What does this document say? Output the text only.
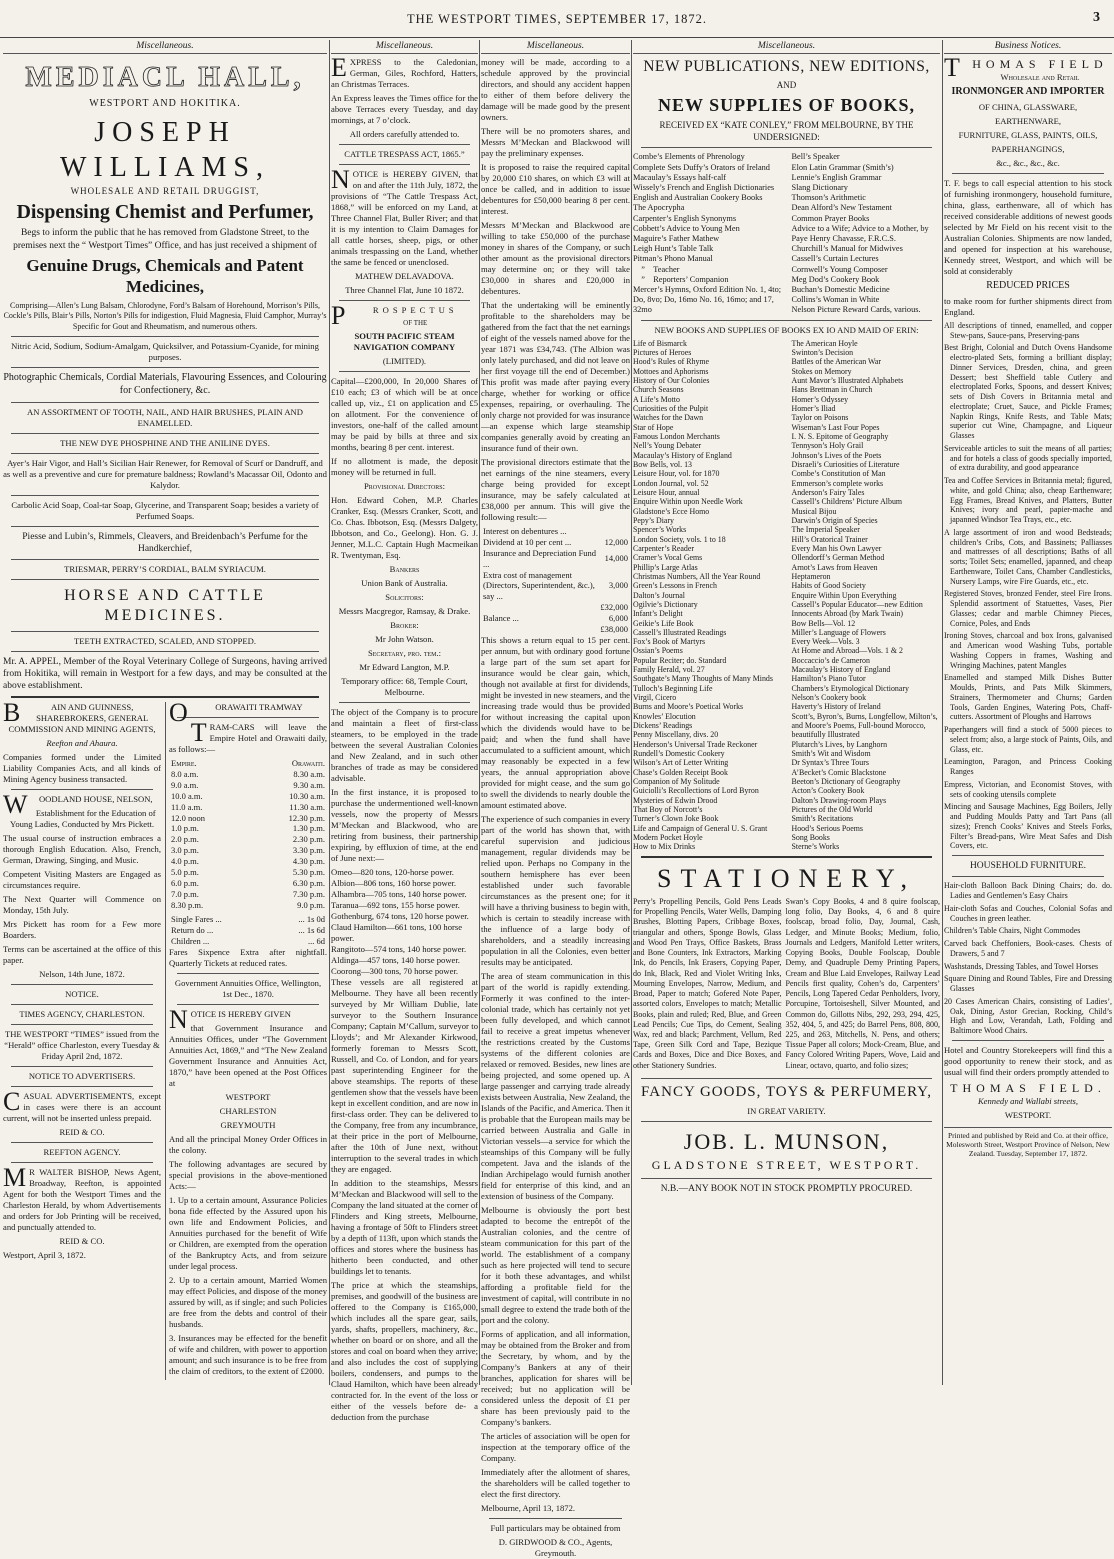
THE WESTPORT TIMES, SEPTEMBER 17, 1872.	3
Miscellaneous.
MEDIACL HALL,
WESTPORT AND HOKITIKA.
JOSEPH WILLIAMS,
WHOLESALE AND RETAIL DRUGGIST,
Dispensing Chemist and Perfumer,

Begs to inform the public that he has removed from Gladstone Street, to the premises next the “ Westport Times” Office, and has just received a shipment of

Genuine Drugs, Chemicals and Patent Medicines,

Comprising—Allen’s Lung Balsam, Chlorodyne, Ford’s Balsam of Horehound, Morrison’s Pills, Cockle’s Pills, Blair’s Pills, Norton’s Pills for indigestion, Fluid Magnesia, Fluid Camphor, Murray’s Specific for Gout and Rheumatism, and numerous others.

Nitric Acid, Sodium, Sodium-Amalgam, Quicksilver, and Potassium-Cyanide, for mining purposes.

Photographic Chemicals, Cordial Materials, Flavouring Essences, and Colouring for Confectionery, &c.

AN ASSORTMENT OF TOOTH, NAIL, AND HAIR BRUSHES, PLAIN AND ENAMELLED.

THE NEW DYE PHOSPHINE AND THE ANILINE DYES.

Ayer’s Hair Vigor, and Hall’s Sicilian Hair Renewer, for Removal of Scurf or Dandruff, and as well as a preventive and cure for premature baldness; Rowland’s Macassar Oil, Odonto and Kalydor.

Carbolic Acid Soap, Coal-tar Soap, Glycerine, and Transparent Soap; besides a variety of Perfumed Soaps.

Piesse and Lubin’s, Rimmels, Cleavers, and Breidenbach’s Perfume for the Handkerchief,

TRIESMAR, PERRY’S CORDIAL, BALM SYRIACUM.

HORSE AND CATTLE MEDICINES.

TEETH EXTRACTED, SCALED, AND STOPPED.

Mr. A. APPEL, Member of the Royal Veterinary College of Surgeons, having arrived from Hokitika, will remain in Westport for a few days, and may be consulted at the above establishment.

B	AIN AND GUINNESS, SHAREBROKERS, GENERAL COMMISSION AND MINING AGENTS,

Reefton and Ahaura.

Companies formed under the Limited Liability Companies Acts, and all kinds of Mining Agency business transacted.

W OODLAND HOUSE, NELSON,

Establishment for the Education of Young Ladies, Conducted by Mrs Pickett.

The usual course of instruction embraces a thorough English Education. Also, French, German, Drawing, Singing, and Music.

Competent Visiting Masters are Engaged as circumstances require.

The Next Quarter will Commence on Monday, 15th July.

Mrs Pickett has room for a Few more Boarders.

Terms can be ascertained at the office of this paper.

Nelson, 14th June, 1872.

NOTICE.

TIMES AGENCY, CHARLESTON.

THE WESTPORT “TIMES” issued from the “Herald” office Charleston, every Tuesday & Friday April 2nd, 1872.

NOTICE TO ADVERTISERS.

CASUAL ADVERTISEMENTS, except in cases were there is an account current, will not be inserted unless prepaid.

REID & CO.

REEFTON AGENCY.

M R WALTER BISHOP, News Agent, Broadway, Reefton, is appointed Agent for both the Westport Times and the Charleston Herald, by whom Advertisements and orders for Job Printing will be received, and punctually attended to.

REID & CO.

Westport, April 3, 1872.

O	ORAWAITI TRAMWAY

TRAM-CARS will leave the Empire Hotel and Orawaiti daily, as follows:—

Empire.	Orawaiti.
8.0 a.m.	8.30 a.m.
9.0 a.m.	9.30 a.m.
10.0 a.m.	10.30 a.m.
11.0 a.m.	11.30 a.m.
12.0 noon	12.30 p.m.
1.0 p.m.	1.30 p.m.
2.0 p.m.	2.30 p.m.
3.0 p.m.	3.30 p.m.
4.0 p.m.	4.30 p.m.
5.0 p.m.	5.30 p.m.
6.0 p.m.	6.30 p.m.
7.0 p.m.	7.30 p.m.
8.30 p.m.	9.0 p.m.
Single Fares ...	... 1s 0d
Return do ...	... 1s 6d
Children ...	... 6d

Fares Sixpence Extra after nightfall. Quarterly Tickets at reduced rates.

Government Annuities Office, Wellington, 1st Dec., 1870.

NOTICE IS HEREBY GIVEN

that Government Insurance and Annuities Offices, under “The Government Annuities Act, 1869,” and “The New Zealand Government Insurance and Annuities Act, 1870,” have been opened at the Post Offices at

WESTPORT

CHARLESTON

GREYMOUTH

And all the principal Money Order Offices in the colony.

The following advantages are secured by special provisions in the above-mentioned Acts:—

1. Up to a certain amount, Assurance Policies bona fide effected by the Assured upon his own life and Endowment Policies, and Annuities purchased for the benefit of Wife or Children, are exempted from the operation of the Bankruptcy Acts, and from seizure under legal process.

2. Up to a certain amount, Married Women may effect Policies, and dispose of the money assured by will, as if single; and such Policies are free from the debts and control of their husbands.

3. Insurances may be effected for the benefit of wife and children, with power to apportion amount; and such insurance is to be free from the claim of creditors, to the extent of £2000.

Miscellaneous.

EXPRESS to the Caledonian, German, Giles, Rochford, Hatters, an Christmas Terraces.

An Express leaves the Times office for the above Terraces every Tuesday, and day mornings, at 7 o’clock.

All orders carefully attended to.

CATTLE TRESPASS ACT, 1865.”

NOTICE is HEREBY GIVEN, that on and after the 11th July, 1872, the provisions of “The Cattle Trespass Act, 1868,” will be enforced on my Land, at Three Channel Flat, Buller River; and that it is my intention to Claim Damages for all cattle horses, sheep, pigs, or other animals trespassing on the Land, whether the same be fenced or unenclosed.

MATHEW DELAVADOVA.

Three Channel Flat, June 10 1872.

P	ROSPECTUS

OF THE

SOUTH PACIFIC STEAM NAVIGATION COMPANY

(LIMITED).

Capital—£200,000, In 20,000 Shares of £10 each; £3 of which will be at once called up, viz., £1 on application and £5 on allotment. For the convenience of investors, one-half of the called amount may be paid by bills at three and six months, bearing 8 per cent. interest.

If no allotment is made, the deposit money will be returned in full.

Provisional Directors:

Hon. Edward Cohen, M.P. Charles Cranker, Esq. (Messrs Cranker, Scott, and Co. Chas. Ibbotson, Esq. (Messrs Dalgety, Ibbotson, and Co., Geelong). Hon. G. J. Jenner, M.L.C. Captain Hugh Macmeikan R. Twentyman, Esq.

Bankers

Union Bank of Australia.

Solicitors:

Messrs Macgregor, Ramsay, & Drake.

Broker:

Mr John Watson.

Secretary, pro. tem.:

Mr Edward Langton, M.P.

Temporary office: 68, Temple Court, Melbourne.

The object of the Company is to procure and maintain a fleet of first-class steamers, to be employed in the trade between the several Australian Colonies and New Zealand, and in such other branches of trade as may be considered advisable.

In the first instance, it is proposed to purchase the undermentioned well-known vessels, now the property of Messrs M’Meckan and Blackwood, who are retiring from business, their partnership expiring, by effluxion of time, at the end of June next:—

Omeo—820 tons, 120-horse power.
Albion—806 tons, 160 horse power.
Alhambra—705 tons, 140 horse power.
Taranua—692 tons, 155 horse power.
Gothenburg, 674 tons, 120 horse power.
Claud Hamilton—661 tons, 100 horse power.
Rangitoto—574 tons, 140 horse power.
Aldinga—457 tons, 140 horse power.
Coorong—300 tons, 70 horse power.

These vessels are all registered at Melbourne. They have all been recently surveyed by Mr William Dublie, late surveyor to the Southern Insurance Company; Captain M’Callum, surveyor to Lloyds’; and Mr Alexander Kirkwood, formerly foreman to Messrs Scott, Russell, and Co. of London, and for years past superintending Engineer for the above steamships. The reports of these gentlemen show that the vessels have been kept in excellent condition, and are now in first-class order. They can be delivered to the Company, free from any incumbrance, at their price in the port of Melbourne, after the 10th of June next, without interruption to the several trades in which they are engaged.

In addition to the steamships, Messrs M’Meckan and Blackwood will sell to the Company the land situated at the corner of Flinders and King streets, Melbourne, having a frontage of 50ft to Flinders street by a depth of 113ft, upon which stands the offices and stores where the business has hitherto been conducted, and other buildings let to tenants.

The price at which the steamships, premises, and goodwill of the business are offered to the Company is £165,000, which includes all the spare gear, sails, yards, shafts, propellers, machinery, &c., whether on board or on shore, and all the stores and coal on board when they arrive; and also includes the cost of supplying boilers, condensers, and pumps to the Claud Hamilton, which have been already contracted for. In the event of the loss or either of the vessels before de- a deduction from the purchase

Miscellaneous.

money will be made, according to a schedule approved by the provincial directors, and should any accident happen to either of them before delivery the damage will be made good by the present owners.

There will be no promoters shares, and Messrs M’Meckan and Blackwood will pay the preliminary expenses.

It is proposed to raise the required capital by 20,000 £10 shares, on which £3 will at once be called, and in addition to issue debentures for £50,000 bearing 8 per cent. interest.

Messrs M’Meckan and Blackwood are willing to take £50,000 of the purchase money in shares of the Company, or such other amount as the provisional directors may determine on; or they will take £30,000 in shares and £20,000 in debentures.

That the undertaking will be eminently profitable to the shareholders may be gathered from the fact that the net earnings of eight of the vessels named above for the year 1871 was £34,743. (The Albion was only lately purchased, and did not leave on her first voyage till the end of December.) This profit was made after paying every charge, whether for working or office expenses, repairing, or overhauling. The only charge not provided for was insurance—an expense which large steamship companies generally avoid by creating an insurance fund of their own.

The provisional directors estimate that the net earnings of the nine steamers, every charge being provided for except insurance, may be safely calculated at £38,000 per annum. This will give the following result:—

Interest on debentures ...	
Dividend at 10 per cent ...	12,000
Insurance and Depreciation Fund ...	14,000
Extra cost of management (Directors, Superintendent, &c.), say ...	3,000
	£32,000
Balance ...	6,000
	£38,000

This shows a return equal to 15 per cent. per annum, but with ordinary good fortune a large part of the sum set apart for insurance would be clear gain, which, though not available at first for dividends, might be invested in new steamers, and the increasing trade would thus be provided for without increasing the capital upon which the dividends would have to be paid; and when the fund shall have accumulated to a sufficient amount, which may reasonably be expected in a few years, the annual appropriation above provided for might cease, and the sum go to swell the dividends to nearly double the amount estimated above.

The experience of such companies in every part of the world has shown that, with careful supervision and judicious management, regular dividends may be relied upon. Perhaps no Company in the southern hemisphere has ever been established under such favorable circumstances as the present one; for it will have a thriving business to begin with, which is certain to steadily increase with the influence of a large body of shareholders, and a steadily increasing population in all the Colonies, even better results may be anticipated.

The area of steam communication in this part of the world is rapidly extending. Formerly it was confined to the inter-colonial trade, which has certainly not yet been fully developed, and which cannot fail to receive a great impetus whenever the restrictions created by the Customs systems of the different colonies are relaxed or removed. Besides, new lines are being projected, and some opened up. A large passenger and carrying trade already exists between Australia, New Zealand, the Islands of the Pacific, and America. Then it is probable that the European mails may be carried between Australia and Galle in Victorian vessels—a service for which the steamships of this Company will be fully competent. Java and the islands of the Indian Archipelago would furnish another field for enterprise of this kind, and an extension of business of the Company.

Melbourne is obviously the port best adapted to become the entrepôt of the Australian colonies, and the centre of steam communication for this part of the world. The establishment of a company such as here projected will tend to secure for it both these advantages, and whilst affording a profitable field for the investment of capital, will contribute in no small degree to extend the trade both of the port and the colony.

Forms of application, and all information, may be obtained from the Broker and from the Secretary, by whom, and by the Company’s Bankers at any of their branches, application for shares will be received; but no application will be considered unless the deposit of £1 per share has been previously paid to the Company’s bankers.

The articles of association will be open for inspection at the temporary office of the Company.

Immediately after the allotment of shares, the shareholders will be called together to elect the first directory.

Melbourne, April 13, 1872.

Full particulars may be obtained from

D. GIRDWOOD & CO., Agents, Greymouth.

Miscellaneous.
NEW PUBLICATIONS, NEW EDITIONS,
AND
NEW SUPPLIES OF BOOKS,

RECEIVED EX “KATE CONLEY,” FROM MELBOURNE, BY THE UNDERSIGNED:

Combe’s Elements of Phrenology
Complete Sets Duffy’s Orators of Ireland
Macaulay’s Essays half-calf
Wissely’s French and English Dictionaries
English and Australian Cookery Books
The Apocrypha
Carpenter’s English Synonyms
Cobbett’s Advice to Young Men
Maguire’s Father Mathew
Leigh Hunt’s Table Talk
Pitman’s Phono Manual
 ” Teacher
 ” Reporters’ Companion
Mercer’s Hymns, Oxford Edition No. 1, 4to; Do, 8vo; Do, 16mo No. 16, 16mo; and 17, 32mo
Bell’s Speaker
Elon Latin Grammar (Smith’s)
Lennie’s English Grammar
Slang Dictionary
Thomson’s Arithmetic
Dean Alford’s New Testament
Common Prayer Books
Advice to a Wife; Advice to a Mother, by Paye Henry Chavasse, F.R.C.S.
Churchill’s Manual for Midwives
Cassell’s Curtain Lectures
Cornwell’s Young Composer
Meg Dod’s Cookery Book
Buchan’s Domestic Medicine
Collins’s Woman in White
Nelson Picture Reward Cards, various.

NEW BOOKS AND SUPPLIES OF BOOKS EX IO AND MAID OF ERIN:

Life of Bismarck
Pictures of Heroes
Hood’s Rules of Rhyme
Mottoes and Aphorisms
History of Our Colonies
Church Seasons
A Life’s Motto
Curiosities of the Pulpit
Watches for the Dawn
Star of Hope
Famous London Merchants
Nell’s Young Debater
Macaulay’s History of England
Bow Bells, vol. 13
Leisure Hour, vol. for 1870
London Journal, vol. 52
Leisure Hour, annual
Enquire Within upon Needle Work
Gladstone’s Ecce Homo
Pepy’s Diary
Spencer’s Works
London Society, vols. 1 to 18
Carpenter’s Reader
Cramer’s Vocal Gems
Phillip’s Large Atlas
Christmas Numbers, All the Year Round
Green’s Lessons in French
Dalton’s Journal
Ogilvie’s Dictionary
Infant’s Delight
Geikie’s Life Book
Cassell’s Illustrated Readings
Fox’s Book of Martyrs
Ossian’s Poems
Popular Reciter; do. Standard
Family Herald, vol. 27
Southgate’s Many Thoughts of Many Minds
Tulloch’s Beginning Life
Virgil, Cicero
Burns and Moore’s Poetical Works
Knowles’ Elocution
Dickens’ Readings
Penny Miscellany, divs. 20
Henderson’s Universal Trade Reckoner
Rundell’s Domestic Cookery
Wilson’s Art of Letter Writing
Chase’s Golden Receipt Book
Companion of My Solitude
Guiciolli’s Recollections of Lord Byron
Mysteries of Edwin Drood
That Boy of Norcott’s
Turner’s Clown Joke Book
Life and Campaign of General U. S. Grant
Modern Pocket Hoyle
How to Mix Drinks
The American Hoyle
Swinton’s Decision
Battles of the American War
Stokes on Memory
Aunt Mavor’s Illustrated Alphabets
Hans Brettman in Church
Homer’s Odyssey
Homer’s Iliad
Taylor on Poisons
Wiseman’s Last Four Popes
I. N. S. Epitome of Geography
Tennyson’s Holy Grail
Johnson’s Lives of the Poets
Disraeli’s Curiosities of Literature
Combe’s Constitution of Man
Emmerson’s complete works
Anderson’s Fairy Tales
Cassell’s Childrens’ Picture Album
Musical Bijou
Darwin’s Origin of Species
The Imperial Speaker
Hill’s Oratorical Trainer
Every Man his Own Lawyer
Ollendorff’s German Method
Arnot’s Laws from Heaven
Heptameron
Habits of Good Society
Enquire Within Upon Everything
Cassell’s Popular Educator—new Edition
Innocents Abroad (by Mark Twain)
Bow Bells—Vol. 12
Miller’s Language of Flowers
Every Week—Vols. 3
At Home and Abroad—Vols. 1 & 2
Boccaccio’s de Cameron
Macaulay’s History of England
Hamilton’s Piano Tutor
Chambers’s Etymological Dictionary
Nelson’s Cookery book
Haverty’s History of Ireland
Scott’s, Byron’s, Burns, Longfellow, Milton’s, and Moore’s Poems, Full-bound Morocco, beautifully Illustrated
Plutarch’s Lives, by Langhorn
Smith’s Wit and Wisdom
Dr Syntax’s Three Tours
A’Becket’s Comic Blackstone
Beeton’s Dictionary of Geography
Acton’s Cookery Book
Dalton’s Drawing-room Plays
Pictures of the Old World
Smith’s Recitations
Hood’s Serious Poems
Song Books
Sterne’s Works
STATIONERY,

Perry’s Propelling Pencils, Gold Pens Leads for Propelling Pencils, Water Wells, Damping Brushes, Blotting Papers, Cribbage Boxes, triangular and others, Sponge Bowls, Glass and Wood Pen Trays, Office Baskets, Brass and Bone Counters, Ink Extractors, Marking Ink, do Pencils, Ink Erasers, Copying Paper, do Ink, Black, Red and Violet Writing Inks, Mourning Envelopes, Narrow, Medium, and Broad, Paper to match; Gofered Note Paper, assorted colors, Envelopes to match; Metallic Books, plain and ruled; Red, Blue, and Green Lead Pencils; Cue Tips, do Cement, Sealing Wax, red and black; Parchment, Vellum, Red Tape, Green Silk Cord and Tape, Bezique Cards and Boxes, Dice and Dice Boxes, and other Stationery Sundries.

Swan’s Copy Books, 4 and 8 quire foolscap, long folio, Day Books, 4, 6 and 8 quire foolscap, broad folio, Day, Journal, Cash, Ledger, and Minute Books; Medium, folio, Journals and Ledgers, Manifold Letter writers, Copying Books, Double Foolscap, Double Demy, and Quadruple Demy Printing Papers, Cream and Blue Laid Envelopes, Railway Lead Pencils first quality, Cohen’s do, Carpenters’ Pencils, Long Tapered Cedar Penholders, Ivory, Porcupine, Tortoiseshell, Silver Mounted, and Common do, Gillotts Nibs, 292, 293, 294, 425, 352, 404, 5, and 425; do Barrel Pens, 808, 800, 225, and 263, Mitchells, N. Pens, and others; Tissue Paper all colors; Mock-Cream, Blue, and Fancy Colored Writing Papers, Wove, Laid and Linear, octavo, quarto, and folio sizes;

FANCY GOODS, TOYS & PERFUMERY,

IN GREAT VARIETY.

JOB. L. MUNSON,
GLADSTONE STREET, WESTPORT.

N.B.—ANY BOOK NOT IN STOCK PROMPTLY PROCURED.

Business Notices.
THOMAS FIELD

Wholesale and Retail

IRONMONGER AND IMPORTER

OF CHINA, GLASSWARE,

EARTHENWARE,

FURNITURE, GLASS, PAINTS, OILS,

PAPERHANGINGS,

&c., &c., &c., &c.

T. F. begs to call especial attention to his stock of furnishing ironmongery, household furniture, china, glass, earthenware, all of which has received considerable additions of newest goods selected by Mr Field on his recent visit to the Australian Colonies. Shipments are now landed, and opened for inspection at his warehouse, Kennedy street, Westport, and which will be sold at considerably

REDUCED PRICES

to make room for further shipments direct from England.

All descriptions of tinned, enamelled, and copper Stew-pans, Sauce-pans, Preserving-pans

Best Bright, Colonial and Dutch Ovens Handsome electro-plated Sets, forming a brilliant display; Dinner Services, Dresden, china, and green Dessert; best Sheffield table Cutlery and electroplated Forks, Spoons, and dessert Knives; sets of Dish Covers in Britannia metal and electroplate; Cruet, Sauce, and Pickle Frames; Napkin Rings, Knife Rests, and Table Mats; superior cut Wine, Champagne, and Liqueur Glasses

Serviceable articles to suit the means of all parties; and for hotels a class of goods specially imported, of extra durability, and good appearance

Tea and Coffee Services in Britannia metal; figured, white, and gold China; also, cheap Earthenware; Egg Frames, Bread Knives, and Platters, Butter Knives; ivory and pearl, papier-mache and japanned Windsor Tea Trays, etc., etc.

A large assortment of iron and wood Bedsteads; children’s Cribs, Cots, and Bassinets; Palliasses and mattresses of all descriptions; Baths of all sorts; Toilet Sets; enamelled, japanned, and cheap Earthenware, Toilet Cans, Chamber Candlesticks, Nursery Lamps, wire Fire Guards, etc., etc.

Registered Stoves, bronzed Fender, steel Fire Irons. Splendid assortment of Statuettes, Vases, Pier Glasses; cedar and marble Chimney Pieces, Cornice, Poles, and Ends

Ironing Stoves, charcoal and box Irons, galvanised and American wood Washing Tubs, portable Washing Coppers in frames, Washing and Wringing Machines, patent Mangles

Enamelled and stamped Milk Dishes Butter Moulds, Prints, and Pats Milk Skimmers, Strainers, Thermometer and Churns; Garden Tools, Garden Engines, Watering Pots, Chaff-cutters. Assortment of Ploughs and Harrows

Paperhangers will find a stock of 5000 pieces to select from; also, a large stock of Paints, Oils, and Glass, etc.

Leamington, Paragon, and Princess Cooking Ranges

Empress, Victorian, and Economist Stoves, with sets of cooking utensils complete

Mincing and Sausage Machines, Egg Boilers, Jelly and Pudding Moulds Patty and Tart Pans (all sizes); French Cooks’ Knives and Steels Forks, Filter’s Bread-pans, Wire Meat Safes and Dish Covers, etc.

HOUSEHOLD FURNITURE.

Hair-cloth Balloon Back Dining Chairs; do. do. Ladies and Gentlemen’s Easy Chairs

Hair-cloth Sofas and Couches, Colonial Sofas and Couches in green leather.

Children’s Table Chairs, Night Commodes

Carved back Cheffoniers, Book-cases. Chests of Drawers, 5 and 7

Washstands, Dressing Tables, and Towel Horses

Square Dining and Round Tables, Fire and Dressing Glasses

20 Cases American Chairs, consisting of Ladies’, Oak, Dining, Astor Grecian, Rocking, Child’s High and Low, Verandah, Lath, Folding and Baltimore Wood Chairs.

Hotel and Country Storekeepers will find this a good opportunity to renew their stock, and as usual will find their orders promptly attended to

THOMAS FIELD.

Kennedy and Wallabi streets,

WESTPORT.

Printed and published by Reid and Co. at their office, Molesworth Street, Westport Province of Nelson, New Zealand. Tuesday, September 17, 1872.
